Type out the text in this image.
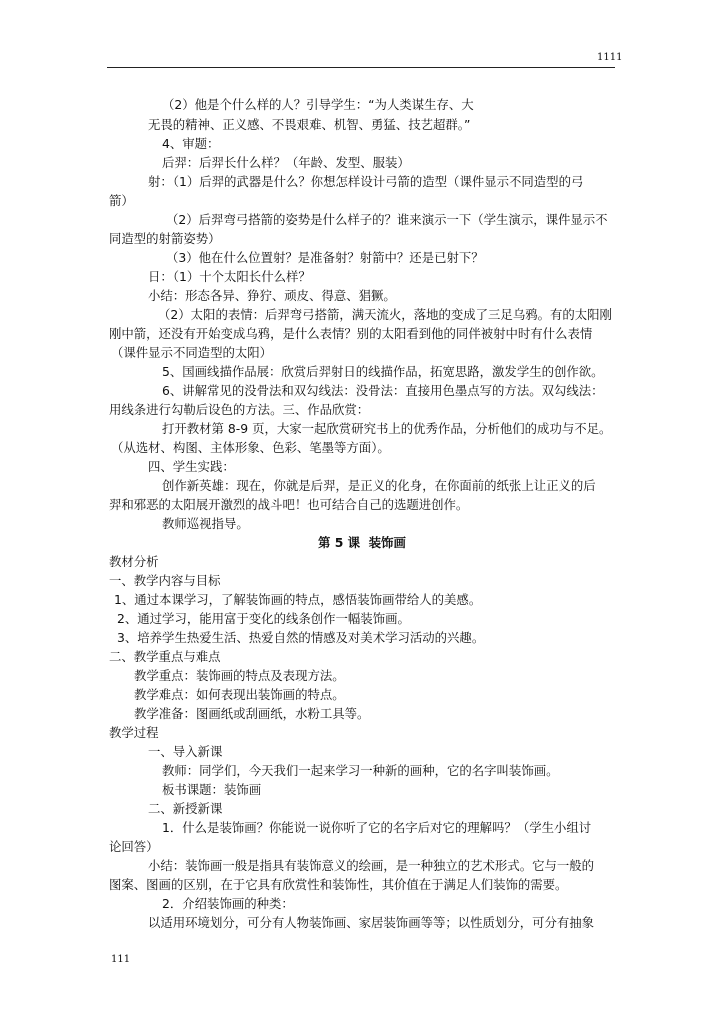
1111
（2）他是个什么样的人？引导学生：“为人类谋生存、大
无畏的精神、正义感、不畏艰难、机智、勇猛、技艺超群。”
4、审题：
后羿：后羿长什么样？（年龄、发型、服装）
射：（1）后羿的武器是什么？你想怎样设计弓箭的造型（课件显示不同造型的弓
箭）
（2）后羿弯弓搭箭的姿势是什么样子的？谁来演示一下（学生演示，课件显示不
同造型的射箭姿势）
（3）他在什么位置射？是准备射？射箭中？还是已射下？
日：（1）十个太阳长什么样？
小结：形态各异、狰狞、顽皮、得意、猖獗。
（2）太阳的表情：后羿弯弓搭箭，满天流火，落地的变成了三足乌鸦。有的太阳刚
刚中箭，还没有开始变成乌鸦，是什么表情？别的太阳看到他的同伴被射中时有什么表情
（课件显示不同造型的太阳）
5、国画线描作品展：欣赏后羿射日的线描作品，拓宽思路，激发学生的创作欲。
6、讲解常见的没骨法和双勾线法：没骨法：直接用色墨点写的方法。双勾线法：
用线条进行勾勒后设色的方法。三、作品欣赏：
打开教材第 8-9 页，大家一起欣赏研究书上的优秀作品，分析他们的成功与不足。
（从选材、构图、主体形象、色彩、笔墨等方面）。
四、学生实践：
创作新英雄：现在，你就是后羿，是正义的化身，在你面前的纸张上让正义的后
羿和邪恶的太阳展开激烈的战斗吧！也可结合自己的选题进创作。
教师巡视指导。
第 5 课  装饰画
教材分析
一、教学内容与目标
1、通过本课学习，了解装饰画的特点，感悟装饰画带给人的美感。
2、通过学习，能用富于变化的线条创作一幅装饰画。
3、培养学生热爱生活、热爱自然的情感及对美术学习活动的兴趣。
二、教学重点与难点
教学重点：装饰画的特点及表现方法。
教学难点：如何表现出装饰画的特点。
教学准备：图画纸或刮画纸，水粉工具等。
教学过程
一、导入新课
教师：同学们，今天我们一起来学习一种新的画种，它的名字叫装饰画。
板书课题：装饰画
二、新授新课
1．什么是装饰画？你能说一说你听了它的名字后对它的理解吗？（学生小组讨
论回答）
小结：装饰画一般是指具有装饰意义的绘画，是一种独立的艺术形式。它与一般的
图案、图画的区别，在于它具有欣赏性和装饰性，其价值在于满足人们装饰的需要。
2．介绍装饰画的种类：
以适用环境划分，可分有人物装饰画、家居装饰画等等；以性质划分，可分有抽象
111
